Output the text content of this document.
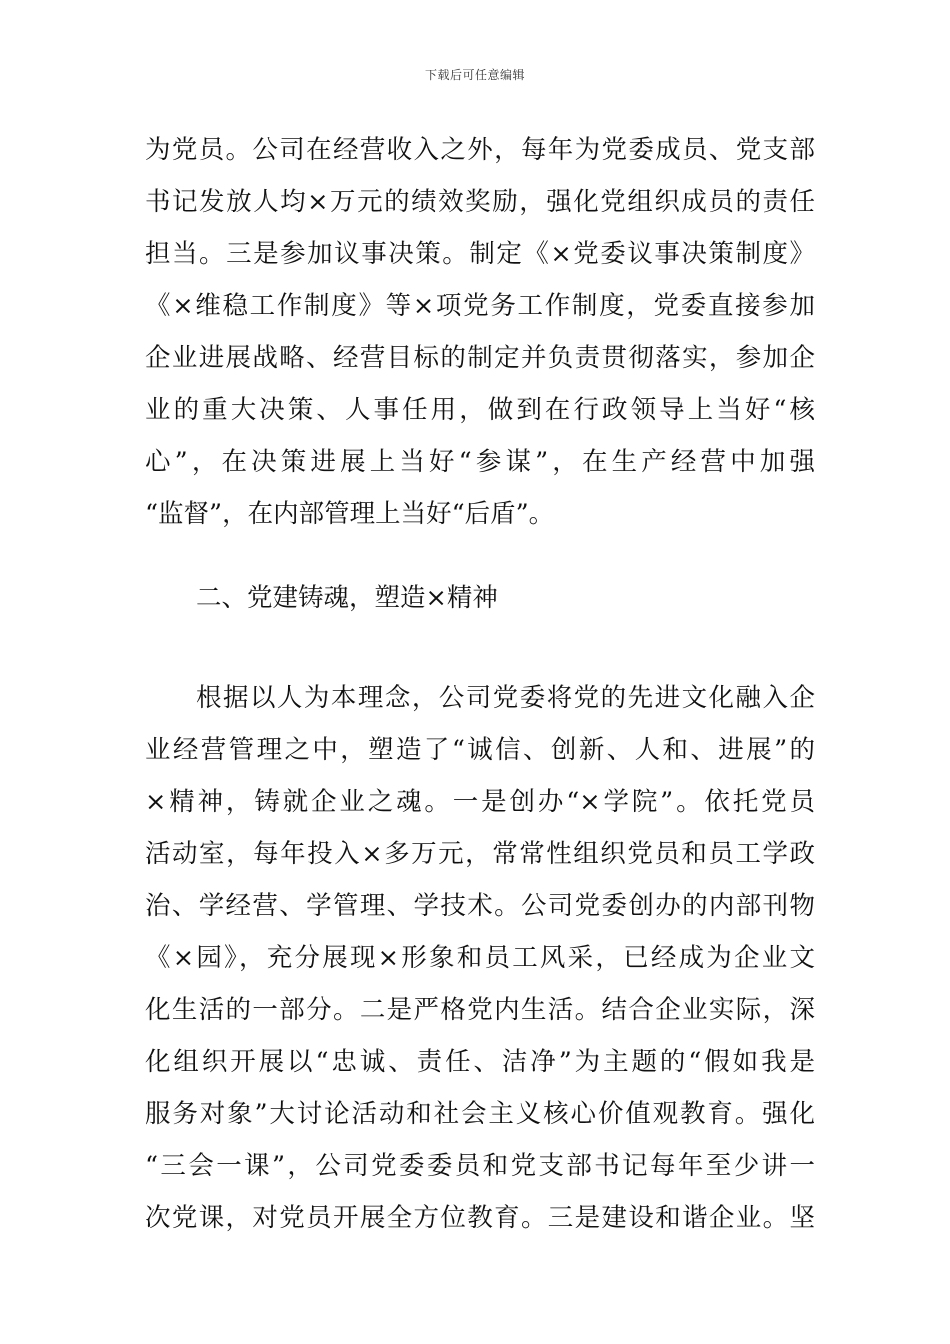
下载后可任意编辑
为党员。公司在经营收入之外，每年为党委成员、党支部
书记发放人均×万元的绩效奖励，强化党组织成员的责任
担当。三是参加议事决策。制定《×党委议事决策制度》
《×维稳工作制度》等×项党务工作制度，党委直接参加
企业进展战略、经营目标的制定并负责贯彻落实，参加企
业的重大决策、人事任用，做到在行政领导上当好“核
心”，在决策进展上当好“参谋”，在生产经营中加强
“监督”，在内部管理上当好“后盾”。
二、党建铸魂，塑造×精神
根据以人为本理念，公司党委将党的先进文化融入企
业经营管理之中，塑造了“诚信、创新、人和、进展”的
×精神，铸就企业之魂。一是创办“×学院”。依托党员
活动室，每年投入×多万元，常常性组织党员和员工学政
治、学经营、学管理、学技术。公司党委创办的内部刊物
《×园》，充分展现×形象和员工风采，已经成为企业文
化生活的一部分。二是严格党内生活。结合企业实际，深
化组织开展以“忠诚、责任、洁净”为主题的“假如我是
服务对象”大讨论活动和社会主义核心价值观教育。强化
“三会一课”，公司党委委员和党支部书记每年至少讲一
次党课，对党员开展全方位教育。三是建设和谐企业。坚
